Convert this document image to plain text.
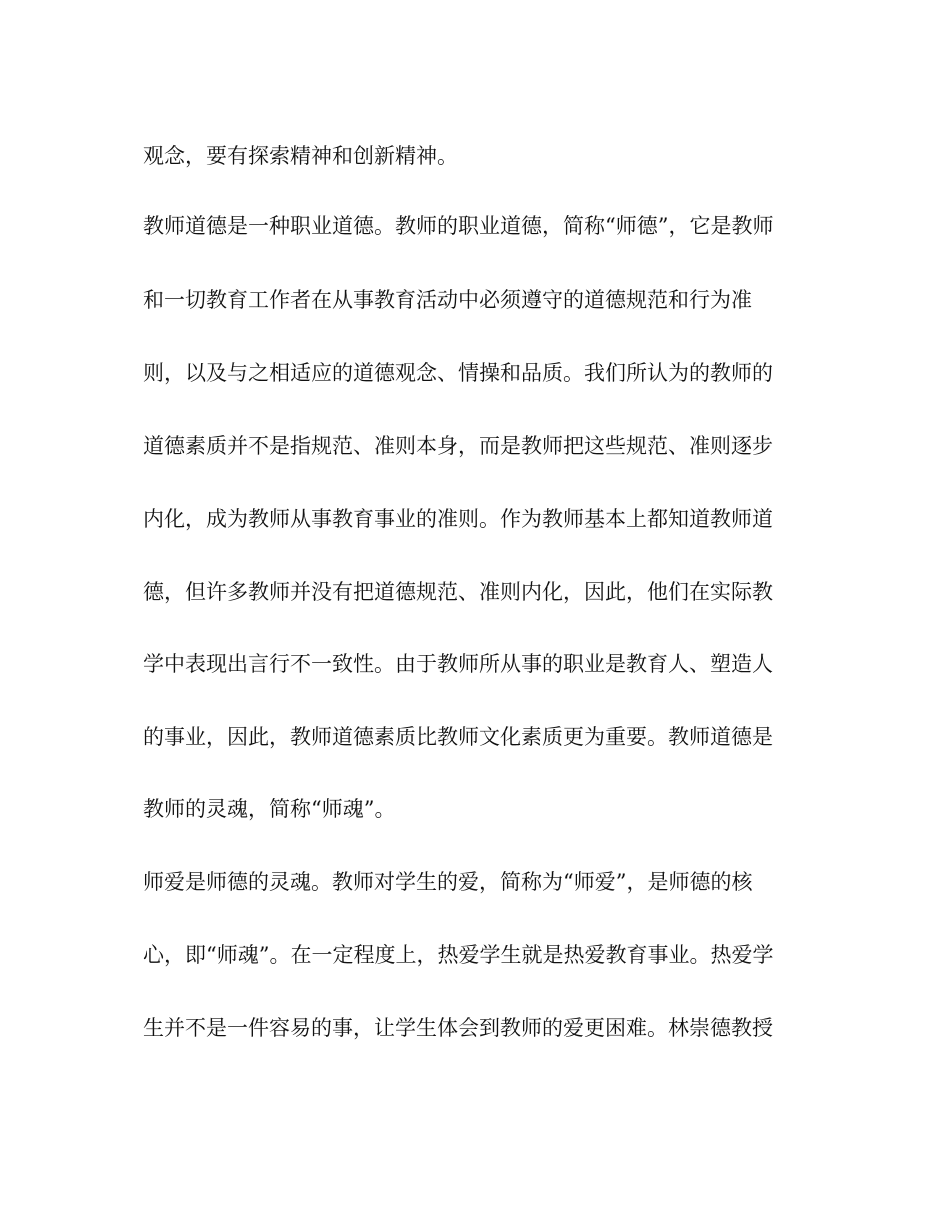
观念，要有探索精神和创新精神。
教师道德是一种职业道德。教师的职业道德，简称“师德”，它是教师
和一切教育工作者在从事教育活动中必须遵守的道德规范和行为准
则，以及与之相适应的道德观念、情操和品质。我们所认为的教师的
道德素质并不是指规范、准则本身，而是教师把这些规范、准则逐步
内化，成为教师从事教育事业的准则。作为教师基本上都知道教师道
德，但许多教师并没有把道德规范、准则内化，因此，他们在实际教
学中表现出言行不一致性。由于教师所从事的职业是教育人、塑造人
的事业，因此，教师道德素质比教师文化素质更为重要。教师道德是
教师的灵魂，简称“师魂”。
师爱是师德的灵魂。教师对学生的爱，简称为“师爱”，是师德的核
心，即“师魂”。在一定程度上，热爱学生就是热爱教育事业。热爱学
生并不是一件容易的事，让学生体会到教师的爱更困难。林崇德教授
